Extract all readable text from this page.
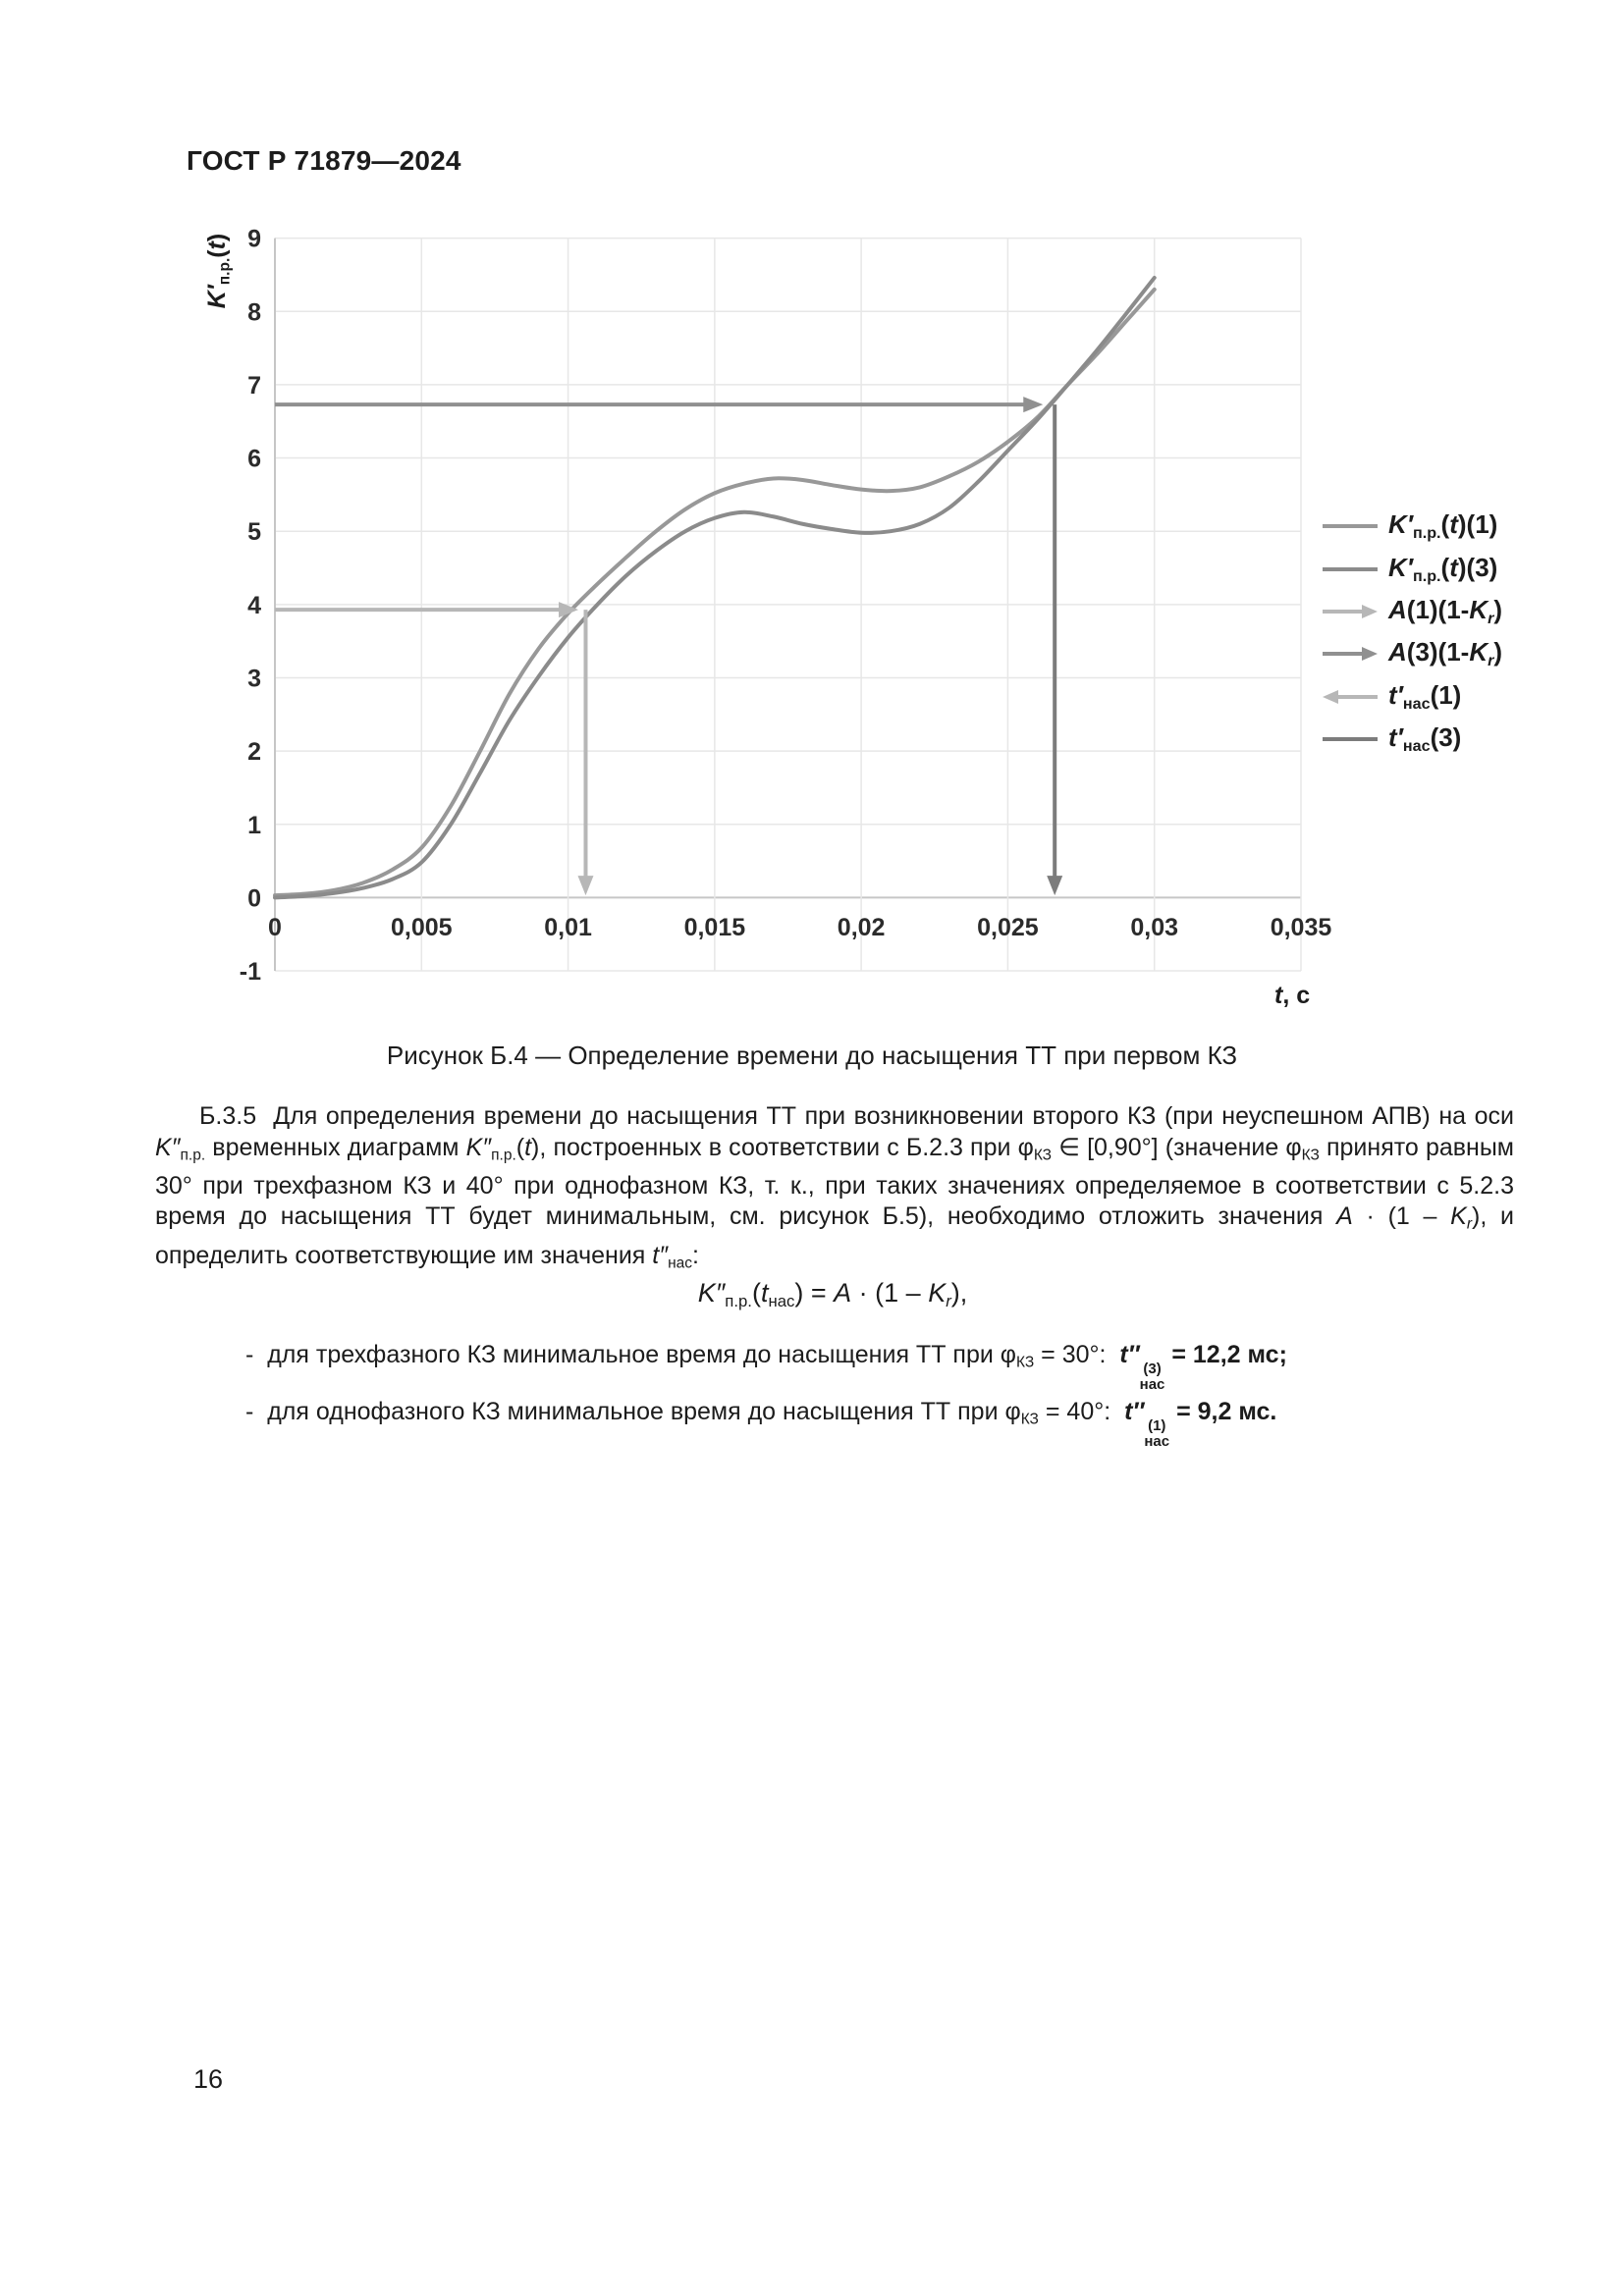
ГОСТ Р 71879—2024
-1
0
1
2
3
4
5
6
7
8
9
0	0,005	0,01	0,015	0,02	0,025	0,03	0,035
K′п.р.(t)
t, с
K′п.р.(t)(1)
K′п.р.(t)(3)
A(1)(1-Kr)
A(3)(1-Kr)
t′нас(1)
t′нас(3)
Рисунок Б.4 — Определение времени до насыщения ТТ при первом КЗ
Б.3.5  Для определения времени до насыщения ТТ при возникновении второго КЗ (при неуспешном АПВ) на оси K″п.р. временных диаграмм K″п.р.(t), построенных в соответствии с Б.2.3 при φКЗ ∈ [0,90°] (значение φКЗ принято равным 30° при трехфазном КЗ и 40° при однофазном КЗ, т. к., при таких значениях определяемое в соответствии с 5.2.3 время до насыщения ТТ будет минимальным, см. рисунок Б.5), необходимо отложить значения A · (1 – Kr), и определить соответствующие им значения t″нас:
K″п.р.(tнас) = A · (1 – Kr),
-  для трехфазного КЗ минимальное время до насыщения ТТ при φКЗ = 30°:  t″
(3)
нас
= 12,2 мс;
-  для однофазного КЗ минимальное время до насыщения ТТ при φКЗ = 40°:  t″
(1)
нас
= 9,2 мс.
16
